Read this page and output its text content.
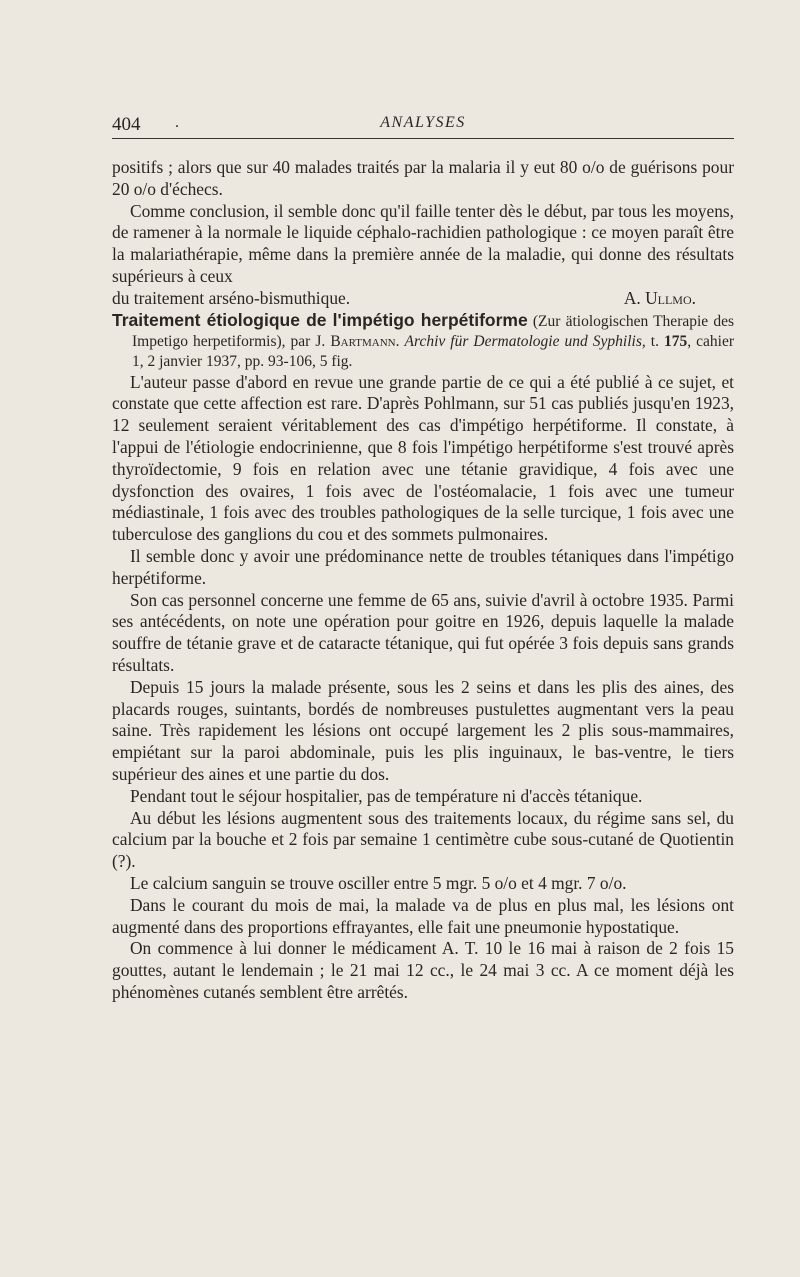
404 .	ANALYSES

positifs ; alors que sur 40 malades traités par la malaria il y eut 80 o/o de guérisons pour 20 o/o d'échecs.

Comme conclusion, il semble donc qu'il faille tenter dès le début, par tous les moyens, de ramener à la normale le liquide céphalo-rachidien pathologique : ce moyen paraît être la malariathérapie, même dans la première année de la maladie, qui donne des résultats supérieurs à ceux

du traitement arséno-bismuthique.	A. Ullmo.

Traitement étiologique de l'impétigo herpétiforme (Zur ätiologischen Therapie des Impetigo herpetiformis), par J. Bartmann. Archiv für Dermatologie und Syphilis, t. 175, cahier 1, 2 janvier 1937, pp. 93-106, 5 fig.

L'auteur passe d'abord en revue une grande partie de ce qui a été publié à ce sujet, et constate que cette affection est rare. D'après Pohlmann, sur 51 cas publiés jusqu'en 1923, 12 seulement seraient véritablement des cas d'impétigo herpétiforme. Il constate, à l'appui de l'étiologie endocrinienne, que 8 fois l'impétigo herpétiforme s'est trouvé après thyroïdectomie, 9 fois en relation avec une tétanie gravidique, 4 fois avec une dysfonction des ovaires, 1 fois avec de l'ostéomalacie, 1 fois avec une tumeur médiastinale, 1 fois avec des troubles pathologiques de la selle turcique, 1 fois avec une tuberculose des ganglions du cou et des sommets pulmonaires.

Il semble donc y avoir une prédominance nette de troubles tétaniques dans l'impétigo herpétiforme.

Son cas personnel concerne une femme de 65 ans, suivie d'avril à octobre 1935. Parmi ses antécédents, on note une opération pour goitre en 1926, depuis laquelle la malade souffre de tétanie grave et de cataracte tétanique, qui fut opérée 3 fois depuis sans grands résultats.

Depuis 15 jours la malade présente, sous les 2 seins et dans les plis des aines, des placards rouges, suintants, bordés de nombreuses pustulettes augmentant vers la peau saine. Très rapidement les lésions ont occupé largement les 2 plis sous-mammaires, empiétant sur la paroi abdominale, puis les plis inguinaux, le bas-ventre, le tiers supérieur des aines et une partie du dos.

Pendant tout le séjour hospitalier, pas de température ni d'accès tétanique.

Au début les lésions augmentent sous des traitements locaux, du régime sans sel, du calcium par la bouche et 2 fois par semaine 1 centimètre cube sous-cutané de Quotientin (?).

Le calcium sanguin se trouve osciller entre 5 mgr. 5 o/o et 4 mgr. 7 o/o.

Dans le courant du mois de mai, la malade va de plus en plus mal, les lésions ont augmenté dans des proportions effrayantes, elle fait une pneumonie hypostatique.

On commence à lui donner le médicament A. T. 10 le 16 mai à raison de 2 fois 15 gouttes, autant le lendemain ; le 21 mai 12 cc., le 24 mai 3 cc. A ce moment déjà les phénomènes cutanés semblent être arrêtés.
